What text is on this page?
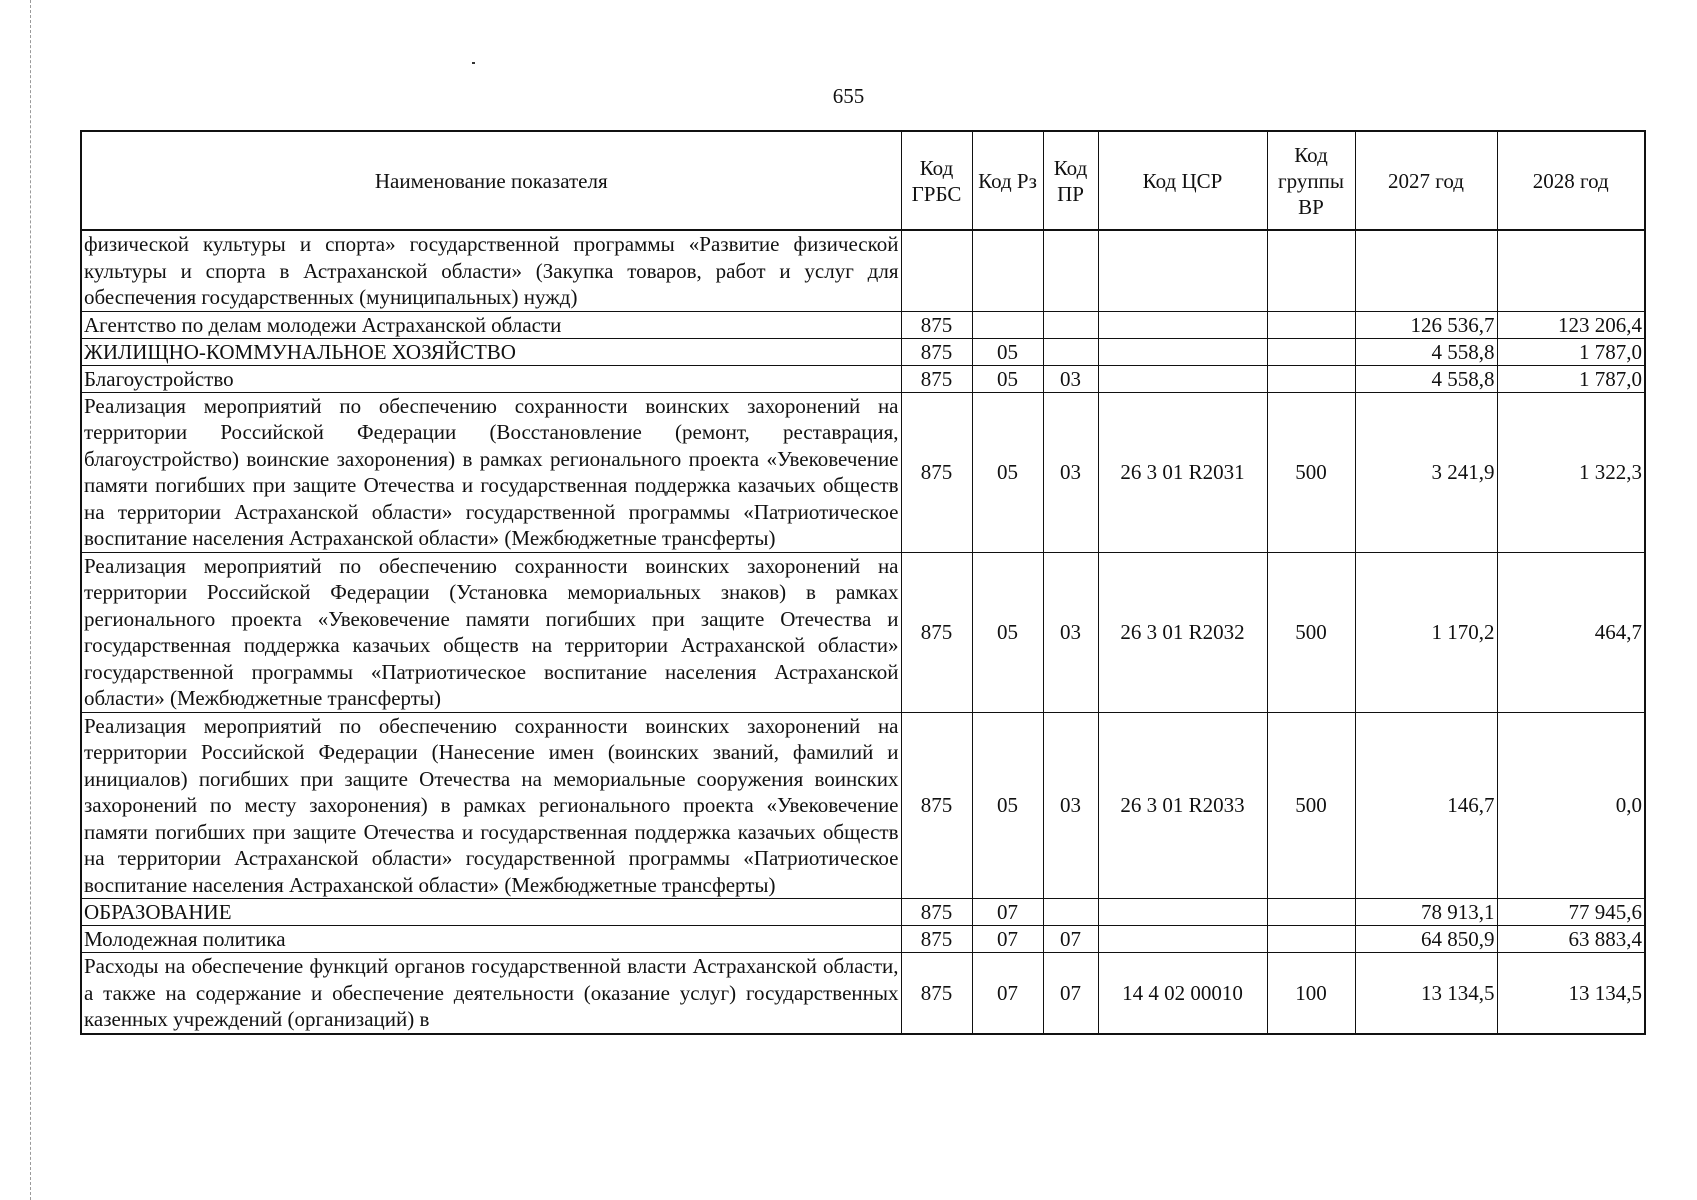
655
Наименование показателя	Код ГРБС	Код Рз	Код ПР	Код ЦСР	Код группы ВР	2027 год	2028 год
физической культуры и спорта» государственной программы «Развитие физической культуры и спорта в Астраханской области» (Закупка товаров, работ и услуг для обеспечения государственных (муниципальных) нужд)							
Агентство по делам молодежи Астраханской области	875					126 536,7	123 206,4
ЖИЛИЩНО-КОММУНАЛЬНОЕ ХОЗЯЙСТВО	875	05				4 558,8	1 787,0
Благоустройство	875	05	03			4 558,8	1 787,0
Реализация мероприятий по обеспечению сохранности воинских захоронений на территории Российской Федерации (Восстановление (ремонт, реставрация, благоустройство) воинские захоронения) в рамках регионального проекта «Увековечение памяти погибших при защите Отечества и государственная поддержка казачьих обществ на территории Астраханской области» государственной программы «Патриотическое воспитание населения Астраханской области» (Межбюджетные трансферты)	875	05	03	26 3 01 R2031	500	3 241,9	1 322,3
Реализация мероприятий по обеспечению сохранности воинских захоронений на территории Российской Федерации (Установка мемориальных знаков) в рамках регионального проекта «Увековечение памяти погибших при защите Отечества и государственная поддержка казачьих обществ на территории Астраханской области» государственной программы «Патриотическое воспитание населения Астраханской области» (Межбюджетные трансферты)	875	05	03	26 3 01 R2032	500	1 170,2	464,7
Реализация мероприятий по обеспечению сохранности воинских захоронений на территории Российской Федерации (Нанесение имен (воинских званий, фамилий и инициалов) погибших при защите Отечества на мемориальные сооружения воинских захоронений по месту захоронения) в рамках регионального проекта «Увековечение памяти погибших при защите Отечества и государственная поддержка казачьих обществ на территории Астраханской области» государственной программы «Патриотическое воспитание населения Астраханской области» (Межбюджетные трансферты)	875	05	03	26 3 01 R2033	500	146,7	0,0
ОБРАЗОВАНИЕ	875	07				78 913,1	77 945,6
Молодежная политика	875	07	07			64 850,9	63 883,4
Расходы на обеспечение функций органов государственной власти Астраханской области, а также на содержание и обеспечение деятельности (оказание услуг) государственных казенных учреждений (организаций) в	875	07	07	14 4 02 00010	100	13 134,5	13 134,5
